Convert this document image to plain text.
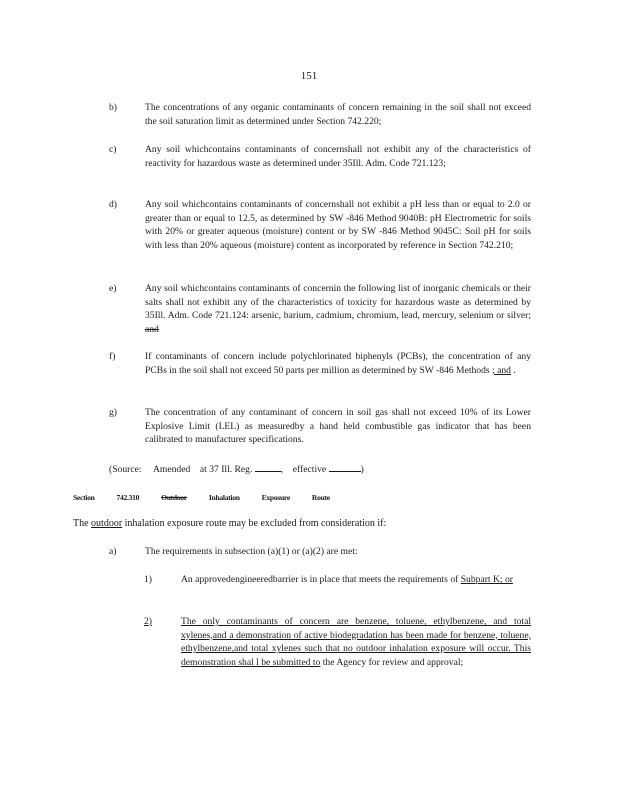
151
b)	The concentrations of any organic contaminants of concern remaining in the soil shall not exceed the soil saturation limit as determined under Section 742.220;
c)	Any soil whichcontains contaminants of concernshall not exhibit any of the characteristics of reactivity for hazardous waste as determined under 35Ill. Adm. Code 721.123;
d)	Any soil whichcontains contaminants of concernshall not exhibit a pH less than or equal to 2.0 or greater than or equal to 12.5, as determined by SW -846 Method 9040B: pH Electrometric for soils with 20% or greater aqueous (moisture) content or by SW -846 Method 9045C: Soil pH for soils with less than 20% aqueous (moisture) content as incorporated by reference in Section 742.210;
e)	Any soil whichcontains contaminants of concernin the following list of inorganic chemicals or their salts shall not exhibit any of the characteristics of toxicity for hazardous waste as determined by 35Ill. Adm. Code 721.124: arsenic, barium, cadmium, chromium, lead, mercury, selenium or silver; and
f)	If contaminants of concern include polychlorinated biphenyls (PCBs), the concentration of any PCBs in the soil shall not exceed 50 parts per million as determined by SW -846 Methods ; and .
g)	The concentration of any contaminant of concern in soil gas shall not exceed 10% of its Lower Explosive Limit (LEL) as measuredby a hand held combustible gas indicator that has been calibrated to manufacturer specifications.
(Source: Amended at 37 Ill. Reg.	, effective	)
Section	742.310	Outdoor	Inhalation	Exposure	Route
The outdoor inhalation exposure route may be excluded from consideration if:
a)	The requirements in subsection (a)(1) or (a)(2) are met:
1)	An approvedengineeredbarrier is in place that meets the requirements of Subpart K; or
2)	The only contaminants of concern are benzene, toluene, ethylbenzene, and total xylenes,and a demonstration of active biodegradation has been made for benzene, toluene, ethylbenzene,and total xylenes such that no outdoor inhalation exposure will occur. This demonstration shal l be submitted to the Agency for review and approval;
